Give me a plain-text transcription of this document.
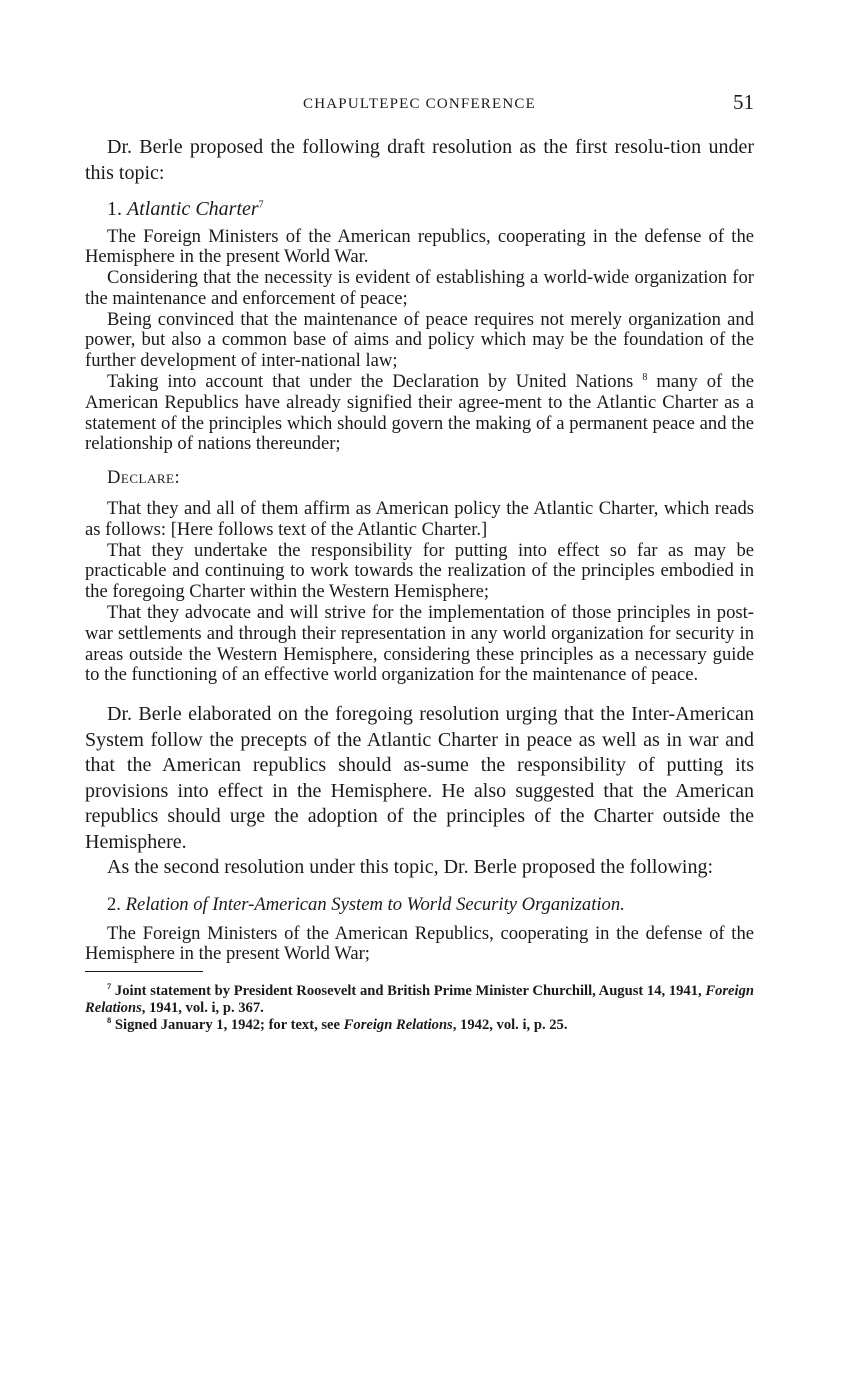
CHAPULTEPEC CONFERENCE	51

Dr. Berle proposed the following draft resolution as the first resolu-tion under this topic:

1. Atlantic Charter$^7$

The Foreign Ministers of the American republics, cooperating in the defense of the Hemisphere in the present World War.

Considering that the necessity is evident of establishing a world-wide organization for the maintenance and enforcement of peace;

Being convinced that the maintenance of peace requires not merely organization and power, but also a common base of aims and policy which may be the foundation of the further development of inter-national law;

Taking into account that under the Declaration by United Nations $^8$ many of the American Republics have already signified their agree-ment to the Atlantic Charter as a statement of the principles which should govern the making of a permanent peace and the relationship of nations thereunder;

Declare:

That they and all of them affirm as American policy the Atlantic Charter, which reads as follows: [Here follows text of the Atlantic Charter.]

That they undertake the responsibility for putting into effect so far as may be practicable and continuing to work towards the realization of the principles embodied in the foregoing Charter within the Western Hemisphere;

That they advocate and will strive for the implementation of those principles in post-war settlements and through their representation in any world organization for security in areas outside the Western Hemisphere, considering these principles as a necessary guide to the functioning of an effective world organization for the maintenance of peace.

Dr. Berle elaborated on the foregoing resolution urging that the Inter-American System follow the precepts of the Atlantic Charter in peace as well as in war and that the American republics should as-sume the responsibility of putting its provisions into effect in the Hemisphere. He also suggested that the American republics should urge the adoption of the principles of the Charter outside the Hemisphere.

As the second resolution under this topic, Dr. Berle proposed the following:

2. Relation of Inter-American System to World Security Organization.

The Foreign Ministers of the American Republics, cooperating in the defense of the Hemisphere in the present World War;

$^7$ Joint statement by President Roosevelt and British Prime Minister Churchill, August 14, 1941, Foreign Relations, 1941, vol. i, p. 367.

$^8$ Signed January 1, 1942; for text, see Foreign Relations, 1942, vol. i, p. 25.
